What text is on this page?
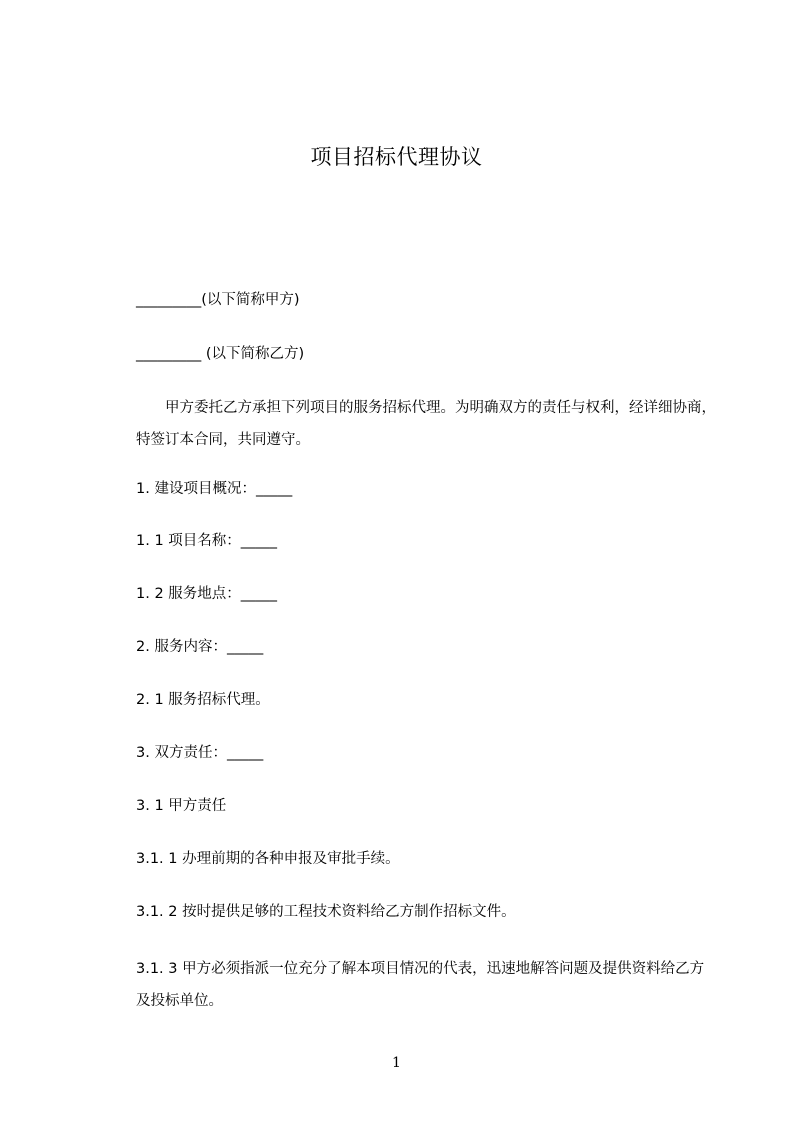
项目招标代理协议
_________(以下简称甲方)
_________ (以下简称乙方)
甲方委托乙方承担下列项目的服务招标代理。为明确双方的责任与权利，经详细协商，特签订本合同，共同遵守。
1. 建设项目概况：_____
1. 1 项目名称：_____
1. 2 服务地点：_____
2. 服务内容：_____
2. 1 服务招标代理。
3. 双方责任：_____
3. 1 甲方责任
3.1. 1 办理前期的各种申报及审批手续。
3.1. 2 按时提供足够的工程技术资料给乙方制作招标文件。
3.1. 3 甲方必须指派一位充分了解本项目情况的代表，迅速地解答问题及提供资料给乙方及投标单位。
1
